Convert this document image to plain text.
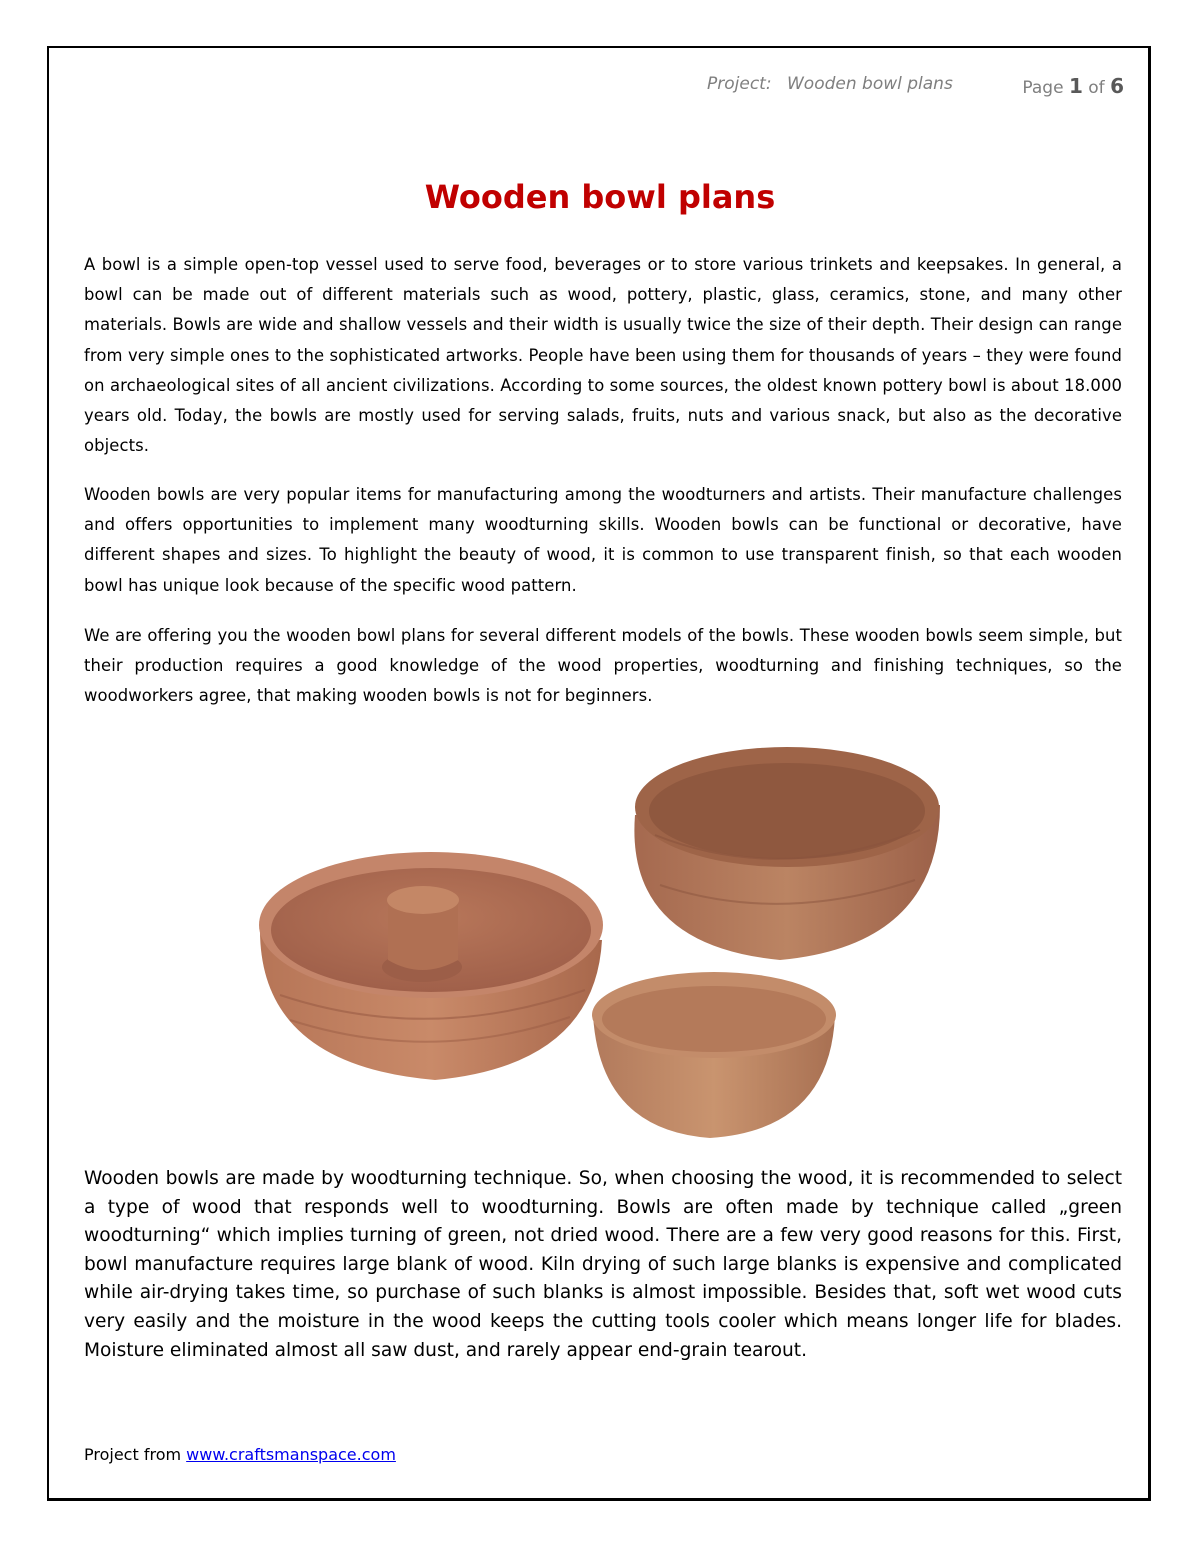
Project: Wooden bowl plans	Page 1 of 6
Wooden bowl plans

A bowl is a simple open-top vessel used to serve food, beverages or to store various trinkets and keepsakes. In general, a bowl can be made out of different materials such as wood, pottery, plastic, glass, ceramics, stone, and many other materials. Bowls are wide and shallow vessels and their width is usually twice the size of their depth. Their design can range from very simple ones to the sophisticated artworks. People have been using them for thousands of years – they were found on archaeological sites of all ancient civilizations. According to some sources, the oldest known pottery bowl is about 18.000 years old. Today, the bowls are mostly used for serving salads, fruits, nuts and various snack, but also as the decorative objects.

Wooden bowls are very popular items for manufacturing among the woodturners and artists. Their manufacture challenges and offers opportunities to implement many woodturning skills. Wooden bowls can be functional or decorative, have different shapes and sizes. To highlight the beauty of wood, it is common to use transparent finish, so that each wooden bowl has unique look because of the specific wood pattern.

We are offering you the wooden bowl plans for several different models of the bowls. These wooden bowls seem simple, but their production requires a good knowledge of the wood properties, woodturning and finishing techniques, so the woodworkers agree, that making wooden bowls is not for beginners.

Wooden bowls are made by woodturning technique. So, when choosing the wood, it is recommended to select a type of wood that responds well to woodturning. Bowls are often made by technique called „green woodturning“ which implies turning of green, not dried wood. There are a few very good reasons for this. First, bowl manufacture requires large blank of wood. Kiln drying of such large blanks is expensive and complicated while air-drying takes time, so purchase of such blanks is almost impossible. Besides that, soft wet wood cuts very easily and the moisture in the wood keeps the cutting tools cooler which means longer life for blades. Moisture eliminated almost all saw dust, and rarely appear end-grain tearout.

Project from www.craftsmanspace.com
